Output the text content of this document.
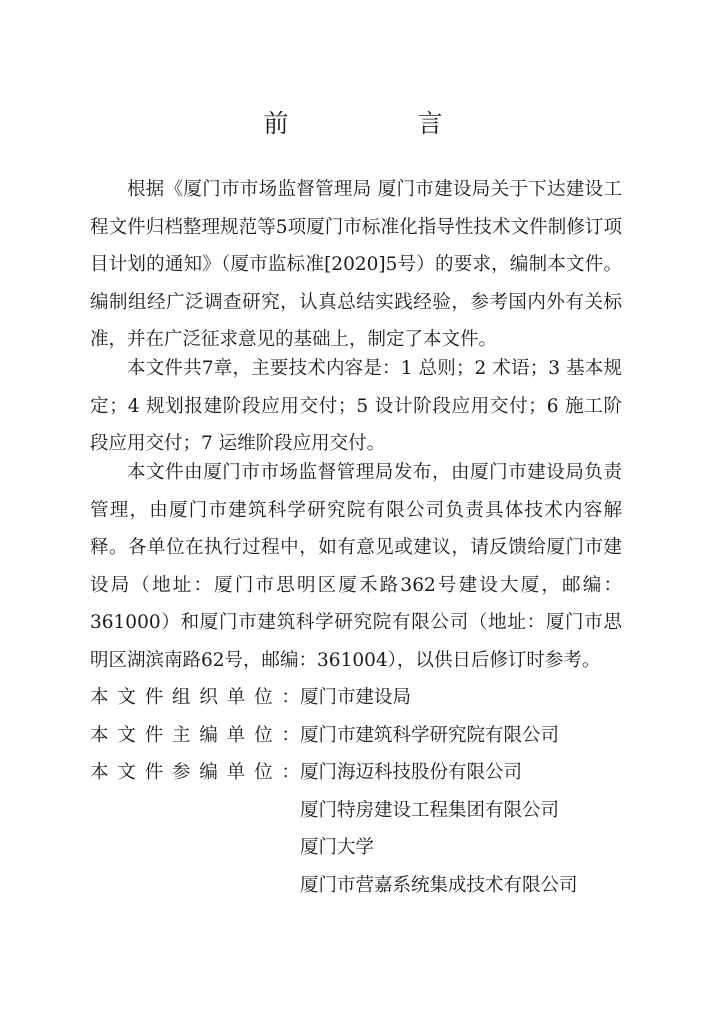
前　言

根据《厦门市市场监督管理局 厦门市建设局关于下达建设工程文件归档整理规范等5项厦门市标准化指导性技术文件制修订项目计划的通知》（厦市监标准[2020]5号）的要求，编制本文件。编制组经广泛调查研究，认真总结实践经验，参考国内外有关标准，并在广泛征求意见的基础上，制定了本文件。

本文件共7章，主要技术内容是：1 总则；2 术语；3 基本规定；4 规划报建阶段应用交付；5 设计阶段应用交付；6 施工阶段应用交付；7 运维阶段应用交付。

本文件由厦门市市场监督管理局发布，由厦门市建设局负责管理，由厦门市建筑科学研究院有限公司负责具体技术内容解释。各单位在执行过程中，如有意见或建议，请反馈给厦门市建设局（地址：厦门市思明区厦禾路362号建设大厦，邮编：361000）和厦门市建筑科学研究院有限公司（地址：厦门市思明区湖滨南路62号，邮编：361004），以供日后修订时参考。

本 文 件 组 织 单 位 ： 厦门市建设局
本 文 件 主 编 单 位 ： 厦门市建筑科学研究院有限公司
本 文 件 参 编 单 位 ： 厦门海迈科技股份有限公司
厦门特房建设工程集团有限公司
厦门大学
厦门市营嘉系统集成技术有限公司
